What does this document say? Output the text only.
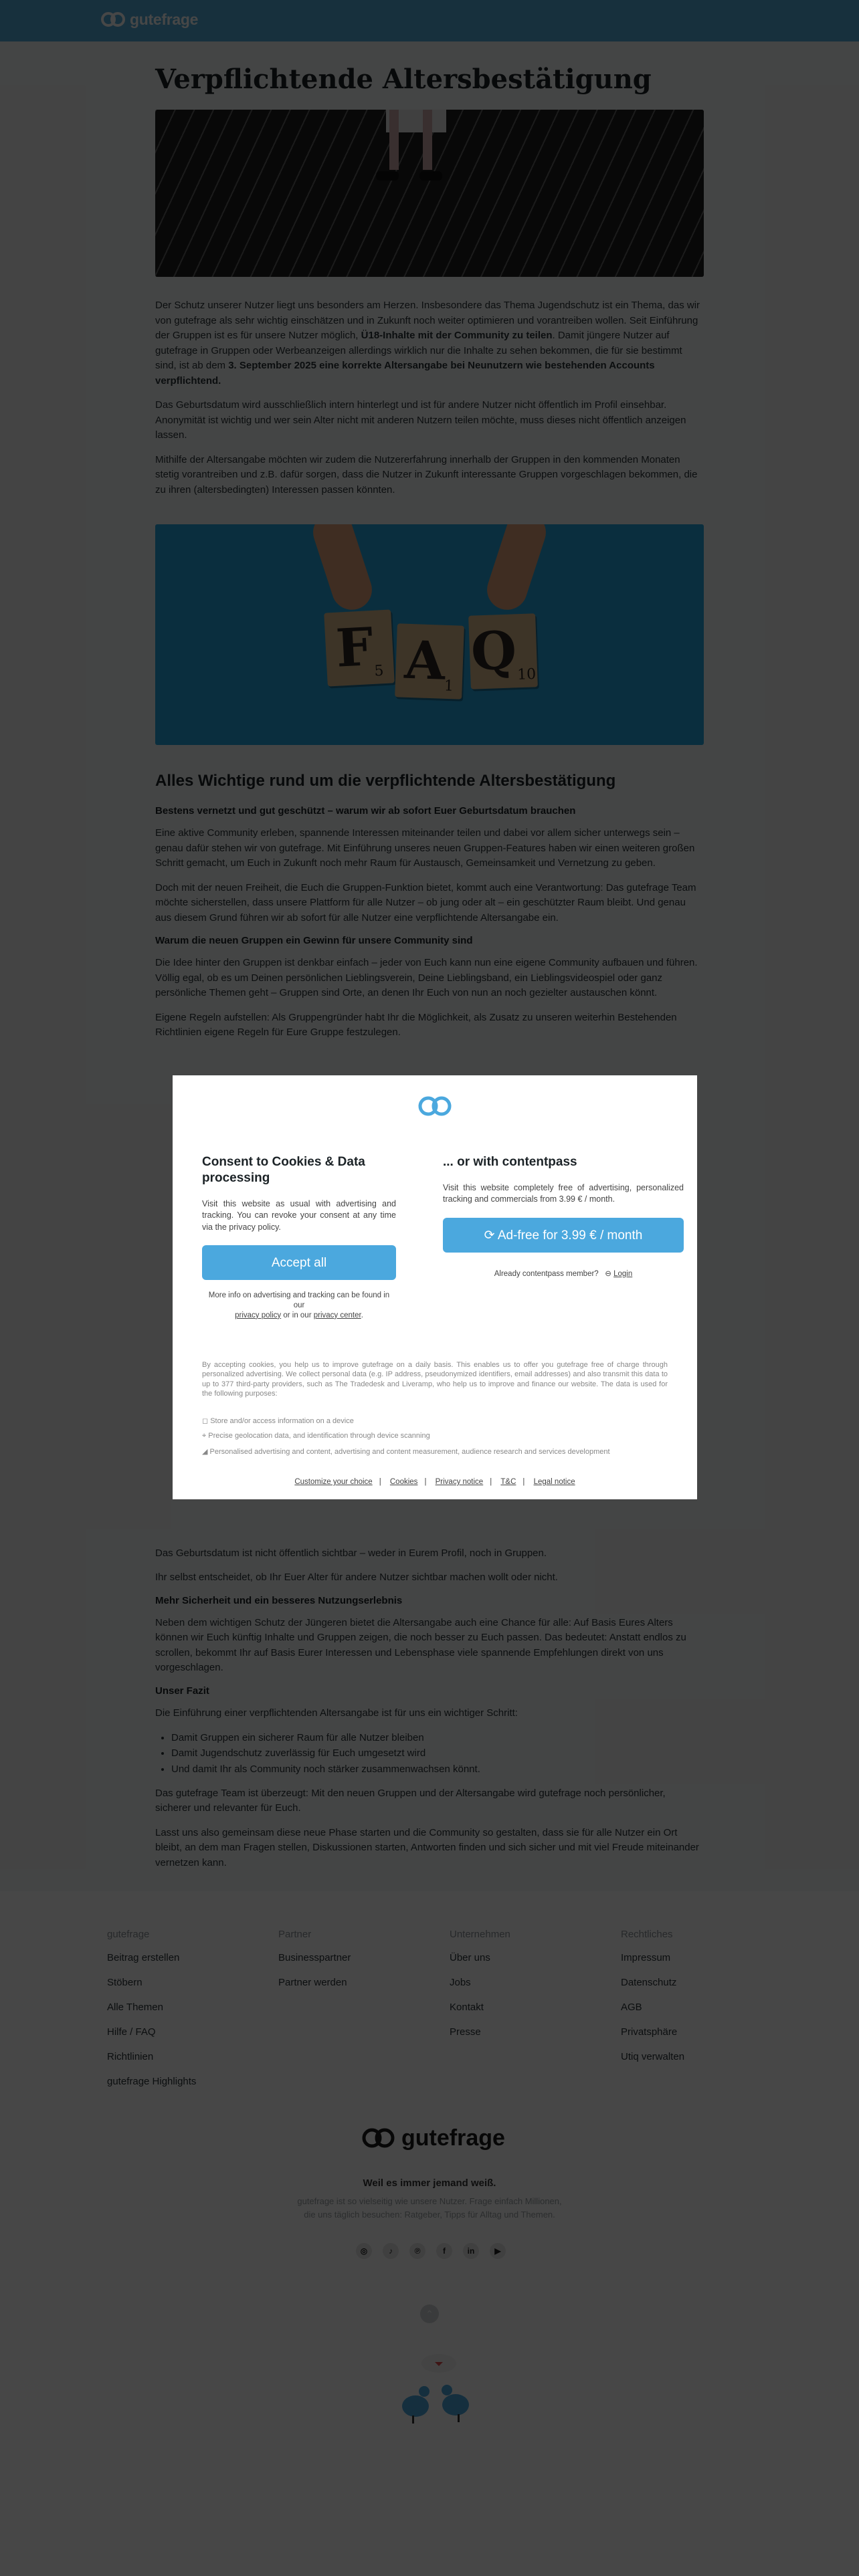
•
•
•

Consent to Cookies & Data processing
Visit this website as usual with advertising and tracking. You can revoke your consent at any time via the privacy policy.
Accept all
More info on advertising and tracking can be found in our
privacy policy or in our privacy center.
... or with contentpass
Visit this website completely free of advertising, personalized tracking and commercials from 3.99 € / month.
⟳ Ad-free for 3.99 € / month
Already contentpass member? ⊖ Login
By accepting cookies, you help us to improve gutefrage on a daily basis. This enables us to offer you gutefrage free of charge through personalized advertising. We collect personal data (e.g. IP address, pseudonymized identifiers, email addresses) and also transmit this data to up to 377 third-party providers, such as The Tradedesk and Liveramp, who help us to improve and finance our website. The data is used for the following purposes:
◻ Store and/or access information on a device
⌖ Precise geolocation data, and identification through device scanning
◢ Personalised advertising and content, advertising and content measurement, audience research and services development
Customize your choice | Cookies | Privacy notice | T&C | Legal notice
